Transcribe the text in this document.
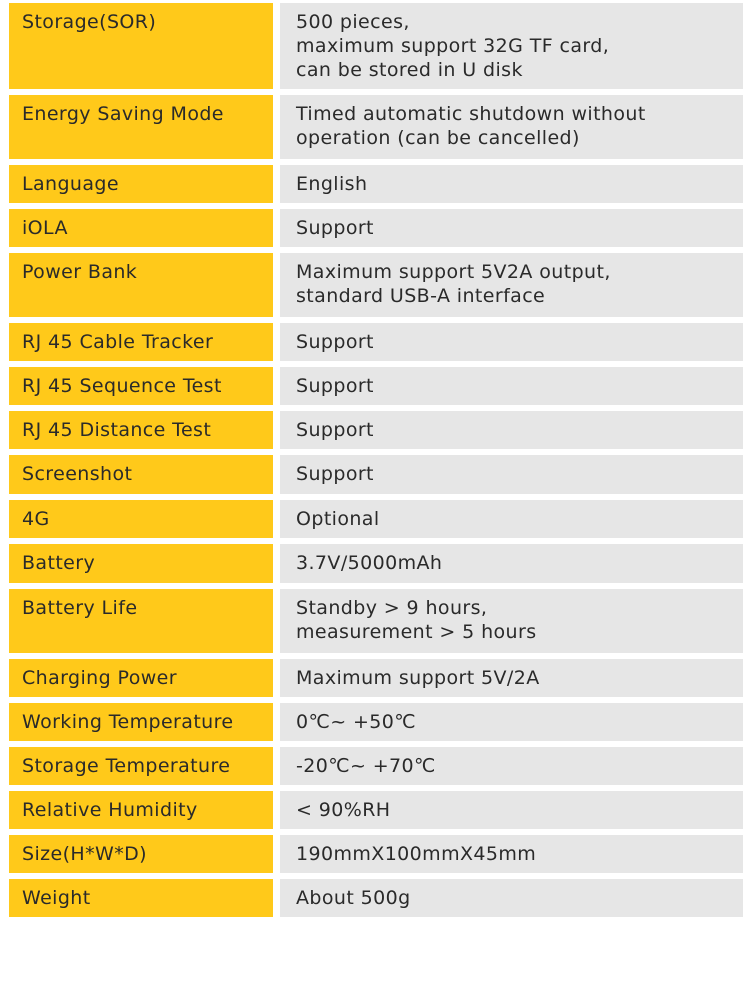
Storage(SOR)	500 pieces,
maximum support 32G TF card,
can be stored in U disk
Energy Saving Mode	Timed automatic shutdown without
operation (can be cancelled)
Language	English
iOLA	Support
Power Bank	Maximum support 5V2A output,
standard USB-A interface
RJ 45 Cable Tracker	Support
RJ 45 Sequence Test	Support
RJ 45 Distance Test	Support
Screenshot	Support
4G	Optional
Battery	3.7V/5000mAh
Battery Life	Standby > 9 hours,
measurement > 5 hours
Charging Power	Maximum support 5V/2A
Working Temperature	0℃~ +50℃
Storage Temperature	-20℃~ +70℃
Relative Humidity	< 90%RH
Size(H*W*D)	190mmX100mmX45mm
Weight	About 500g
